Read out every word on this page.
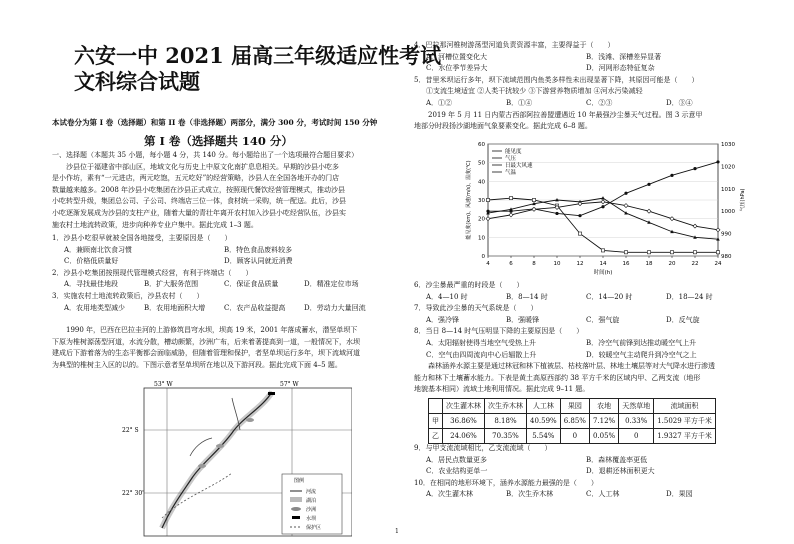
六安一中 2021 届高三年级适应性考试
文科综合试题
本试卷分为第 I 卷（选择题）和第 II 卷（非选择题）两部分，满分 300 分，考试时间 150 分钟
第 I 卷（选择题共 140 分）
一、选择题（本题共 35 小题，每小题 4 分，共 140 分。每小题给出了一个选项最符合题目要求）
沙县位于福建省中部山区，地域文化与历史上中原文化南扩息息相关。早期的沙县小吃多
是小作坊，素有“一元进店，两元吃饱，五元吃好”的经营策略，沙县人在全国各地开办的门店
数量越来越多。2008 年沙县小吃集团在沙县正式成立，按照现代餐饮经营管理模式，推动沙县
小吃转型升级，集团总公司、子公司、终端店三位一体，食材统一采购，统一配送。此后，沙县
小吃逐渐发展成为沙县的支柱产业，随着大量的青壮年离开农村加入沙县小吃经营队伍，沙县实
施农村土地流转政策，进步向种养专业户集中。据此完成 1–3 题。
1．沙县小吃很早就被全国各地接受，主要原因是（　　）
A．兼顾南北饮食习惯	B．特色食品废料较多
C．价格低质量好	D．顾客认同就近消费
2．沙县小吃集团按照现代管理模式经营，有利于终端店（　　）
A．寻找最佳地段	B．扩大服务范围	C．保证食品质量	D．精准定位市场
3．实施农村土地流转政策后，沙县农村（　　）
A．农用地类型减少	B．农用地面积大增	C．农产品收益提高	D．劳动力大量回流
1990 年，巴西在巴拉圭河的上游修筑昌穹水坝，坝高 19 米，2001 年落成蓄水，潜坚单坝下
下原为椎树源荡型河道，水流分散，槽动颇繁，沙洲广布，后来着著提高到一道，一般情况下，水坝
建成后下游着落为的生态平衡都会面临威胁，但随着管理和保护，者坚单坝运行多年，坝下流域河道
为典型的椎树主入区的以的。下图示意者坚单坝所在地以及下游河段。据此完成下面 4–5 题。
53° W	57° W
22° S
22° 30'
图例
河流
湖泊
沙洲
水坝
保护区
4．巴拉那河椎树游荡型河道负责资源丰富，主要得益于（　　）
A．河槽位置变化大	B．浅滩、深槽差异显著
C．水位季节差异大	D．河网形态特征复杂
5．昔里米坝运行多年，坝下流域范围内鱼类多样性未出现显著下降，其原因可能是（　　）
①支流生境适宜 ②人类干扰较少 ③下游营养物质增加 ④河水污染减轻
A．①②	B．①④	C．②③	D．③④
2019 年 5 月 11 日内蒙古西部阿拉善盟遭遇近 10 年最强沙尘暴天气过程。图 3 示意甲
地部分时段扬沙湖地面气象要素变化。据此完成 6–8 题。
0
10
20
30
40
50
60
980
990
1000
1010
1020
1030
4	6	8	10	12	14	16	18	20	22	24
时间(h)
能见度(km)、风速(m/s)、温度(℃)	气压(hPa)
能见度
气压
日最大风速
气温
6．沙尘暴最严重的时段是（　　）
A．4—10 时	B．8—14 时	C．14—20 时	D．18—24 时
7．导致此沙尘暴的天气系统是（　　）
A．强冷锋	B．强暖锋	C．强气旋	D．反气旋
8．当日 8—14 时气压明显下降的主要原因是（　　）
A．太阳辐射使得当地空气受热上升	B．冷空气前锋到达推动暖空气上升
C．空气由四周流向中心后辐散上升	D．较暖空气主动爬升到冷空气之上
森林涵养水源主要是通过林冠和林下植被层、枯枝落叶层、林地土壤层等对大气降水进行渗透
能力和林下土壤蓄水能力。下表是黄土高原西部约 38 平方千米的区域内甲、乙两支流（地形
地貌基本相同）流域土地利用情况。据此完成 9–11 题。
	次生灌木林	次生乔木林	人工林	果园	农地	天然草地	流域面积
甲	36.86%	8.18%	40.59%	6.85%	7.12%	0.33%	1.5029 平方千米
乙	24.06%	70.35%	5.54%	0	0.05%	0	1.9327 平方千米
9．与甲支流流域相比，乙支流流域（　　）
A．居民点数量更多	B．森林覆盖率更低
C．农业结构更单一	D．退耕还林面积更大
10．在相同的地形环境下，涵养水源能力最强的是（　　）
A．次生灌木林	B．次生乔木林	C．人工林	D．果园
1
